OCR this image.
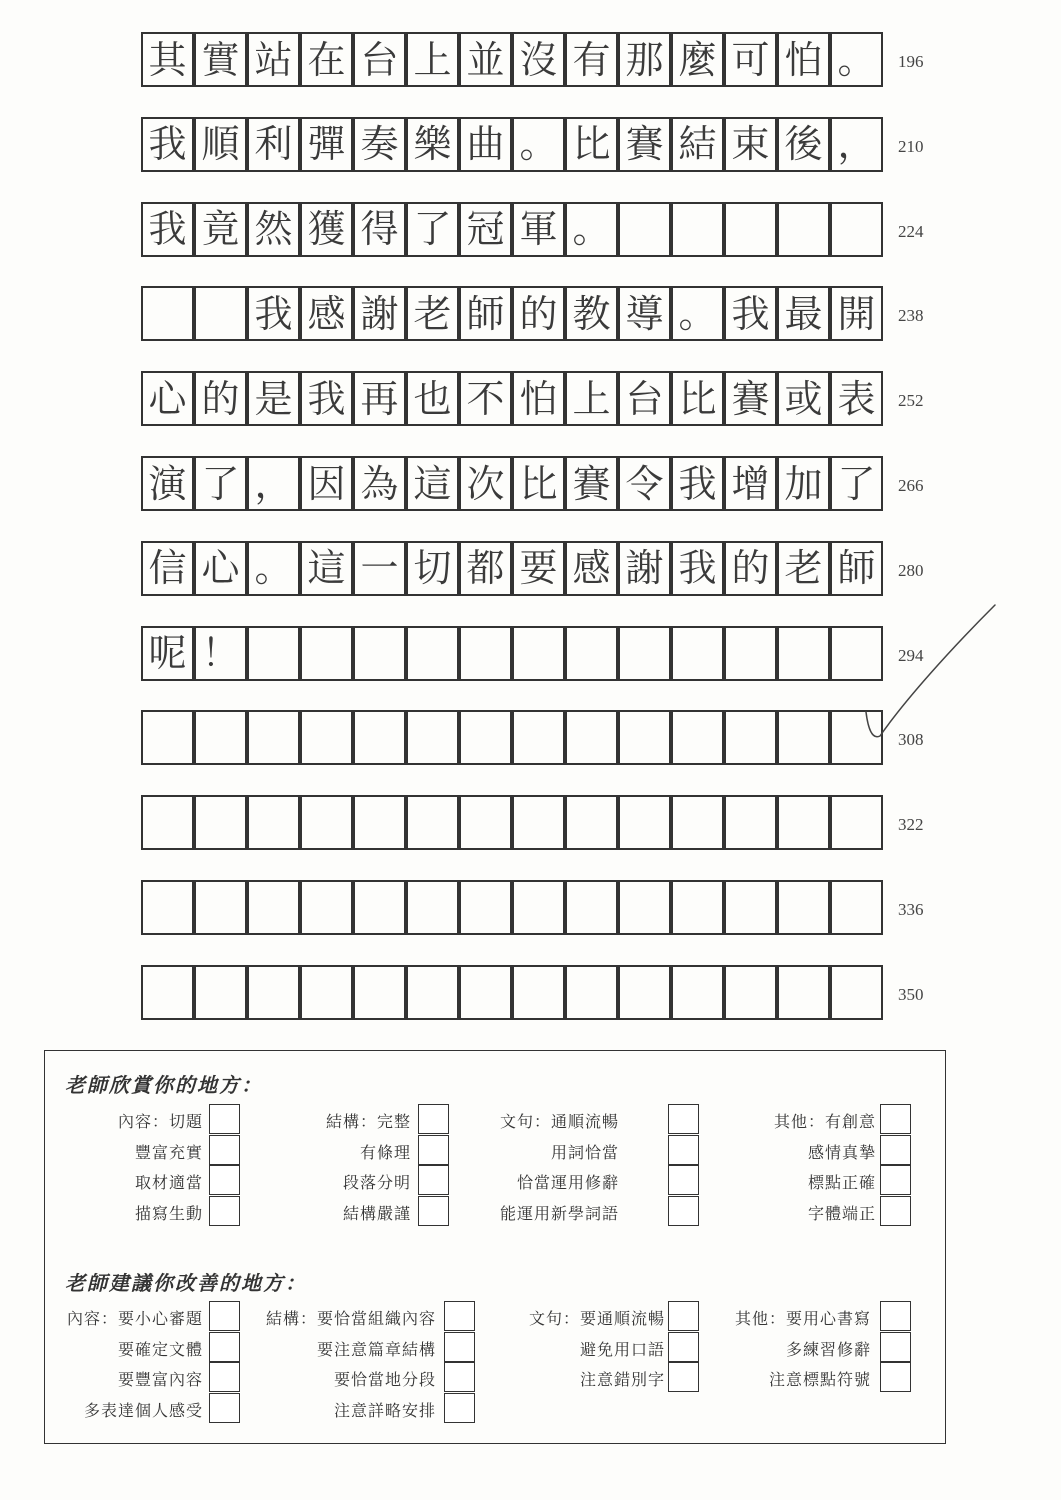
其 實 站 在 台 上 並 沒 有 那 麼 可 怕 。	196
我 順 利 彈 奏 樂 曲 。 比 賽 結 束 後 ，	210
我 竟 然 獲 得 了 冠 軍 。	224
我 感 謝 老 師 的 教 導 。 我 最 開	238
心 的 是 我 再 也 不 怕 上 台 比 賽 或 表	252
演 了 ， 因 為 這 次 比 賽 令 我 增 加 了	266
信 心 。 這 一 切 都 要 感 謝 我 的 老 師	280
呢 ！	294
308
322
336
350
老師欣賞你的地方：
內容：切題
豐富充實
取材適當
描寫生動
結構：完整
有條理
段落分明
結構嚴謹
文句：通順流暢
用詞恰當
恰當運用修辭
能運用新學詞語
其他：有創意
感情真摯
標點正確
字體端正
老師建議你改善的地方：
內容：要小心審題
要確定文體
要豐富內容
多表達個人感受
結構：要恰當組織內容
要注意篇章結構
要恰當地分段
注意詳略安排
文句：要通順流暢
避免用口語
注意錯別字
其他：要用心書寫
多練習修辭
注意標點符號
